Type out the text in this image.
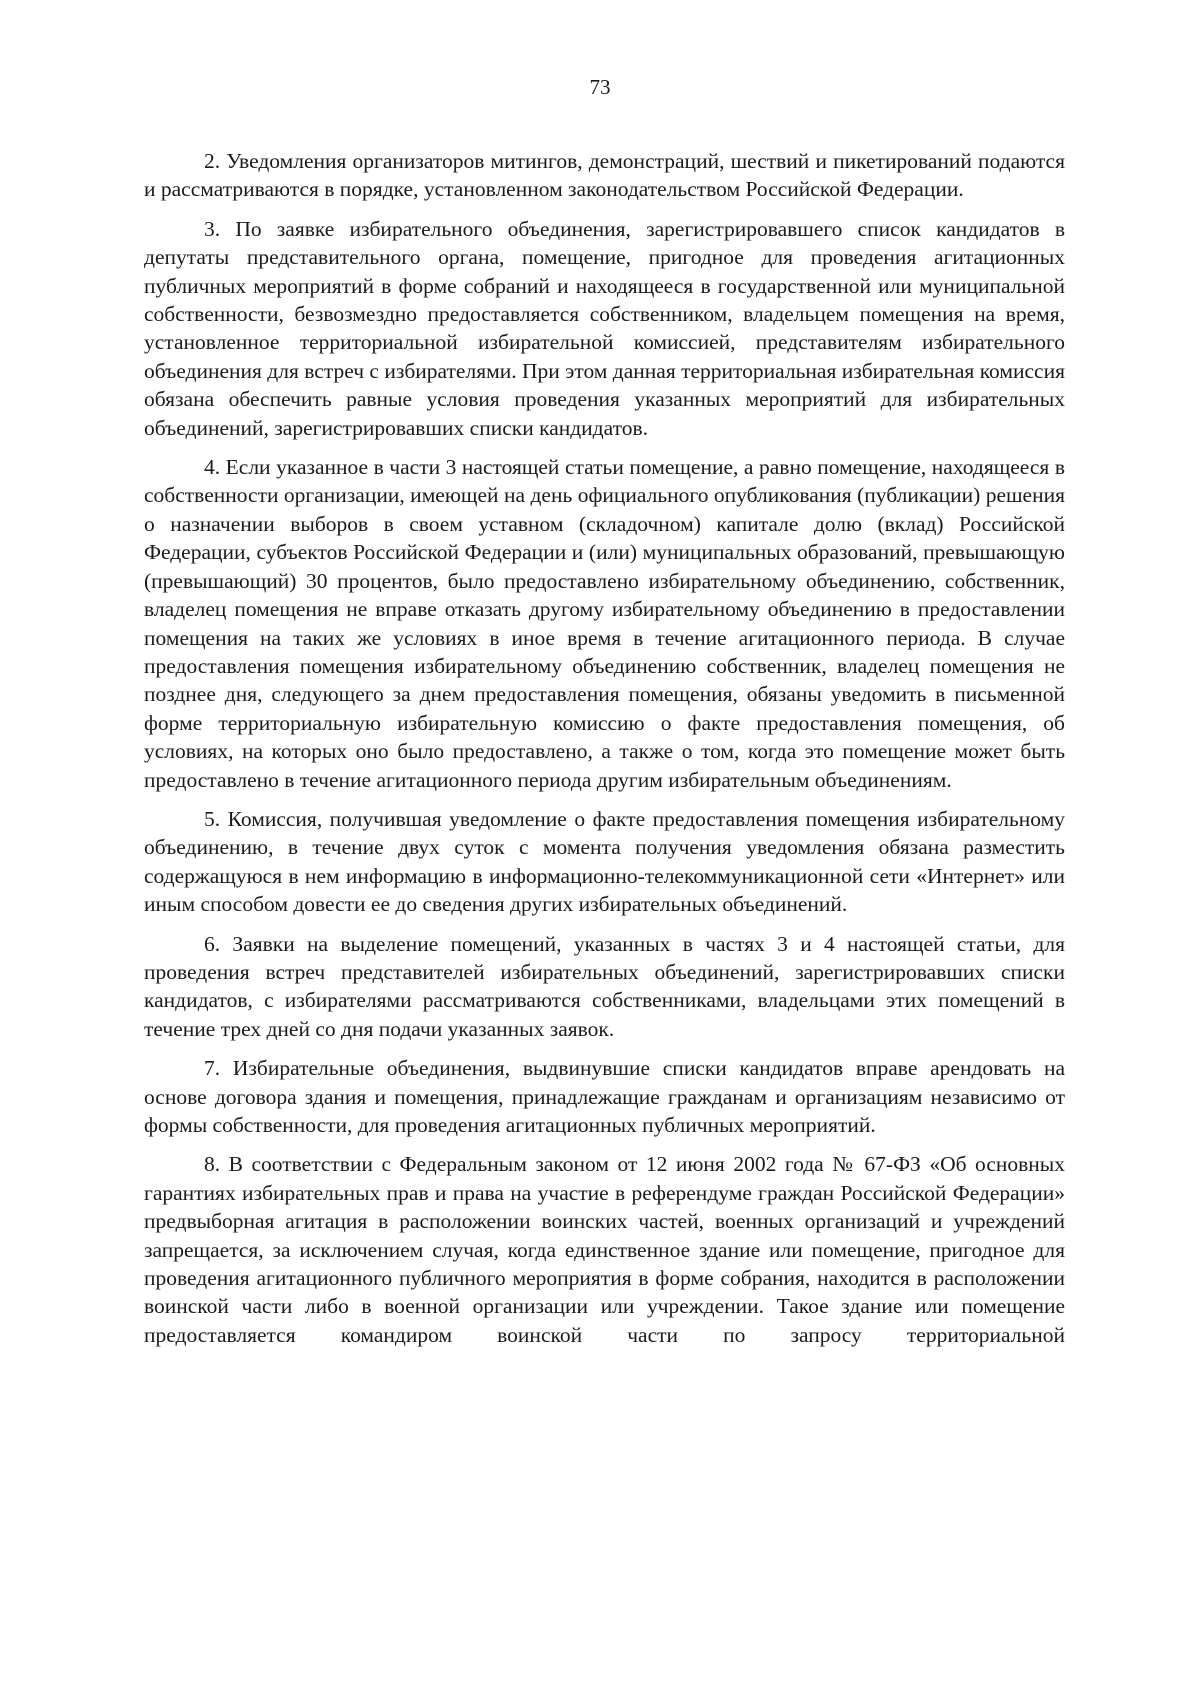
73

2. Уведомления организаторов митингов, демонстраций, шествий и пикетирований подаются и рассматриваются в порядке, установленном законодательством Российской Федерации.

3. По заявке избирательного объединения, зарегистрировавшего список кандидатов в депутаты представительного органа, помещение, пригодное для проведения агитационных публичных мероприятий в форме собраний и находящееся в государственной или муниципальной собственности, безвозмездно предоставляется собственником, владельцем помещения на время, установленное территориальной избирательной комиссией, представителям избирательного объединения для встреч с избирателями. При этом данная территориальная избирательная комиссия обязана обеспечить равные условия проведения указанных мероприятий для избирательных объединений, зарегистрировавших списки кандидатов.

4. Если указанное в части 3 настоящей статьи помещение, а равно помещение, находящееся в собственности организации, имеющей на день официального опубликования (публикации) решения о назначении выборов в своем уставном (складочном) капитале долю (вклад) Российской Федерации, субъектов Российской Федерации и (или) муниципальных образований, превышающую (превышающий) 30 процентов, было предоставлено избирательному объединению, собственник, владелец помещения не вправе отказать другому избирательному объединению в предоставлении помещения на таких же условиях в иное время в течение агитационного периода. В случае предоставления помещения избирательному объединению собственник, владелец помещения не позднее дня, следующего за днем предоставления помещения, обязаны уведомить в письменной форме территориальную избирательную комиссию о факте предоставления помещения, об условиях, на которых оно было предоставлено, а также о том, когда это помещение может быть предоставлено в течение агитационного периода другим избирательным объединениям.

5. Комиссия, получившая уведомление о факте предоставления помещения избирательному объединению, в течение двух суток с момента получения уведомления обязана разместить содержащуюся в нем информацию в информационно-телекоммуникационной сети «Интернет» или иным способом довести ее до сведения других избирательных объединений.

6. Заявки на выделение помещений, указанных в частях 3 и 4 настоящей статьи, для проведения встреч представителей избирательных объединений, зарегистрировавших списки кандидатов, с избирателями рассматриваются собственниками, владельцами этих помещений в течение трех дней со дня подачи указанных заявок.

7. Избирательные объединения, выдвинувшие списки кандидатов вправе арендовать на основе договора здания и помещения, принадлежащие гражданам и организациям независимо от формы собственности, для проведения агитационных публичных мероприятий.

8. В соответствии с Федеральным законом от 12 июня 2002 года № 67-ФЗ «Об основных гарантиях избирательных прав и права на участие в референдуме граждан Российской Федерации» предвыборная агитация в расположении воинских частей, военных организаций и учреждений запрещается, за исключением случая, когда единственное здание или помещение, пригодное для проведения агитационного публичного мероприятия в форме собрания, находится в расположении воинской части либо в военной организации или учреждении. Такое здание или помещение предоставляется командиром воинской части по запросу территориальной
